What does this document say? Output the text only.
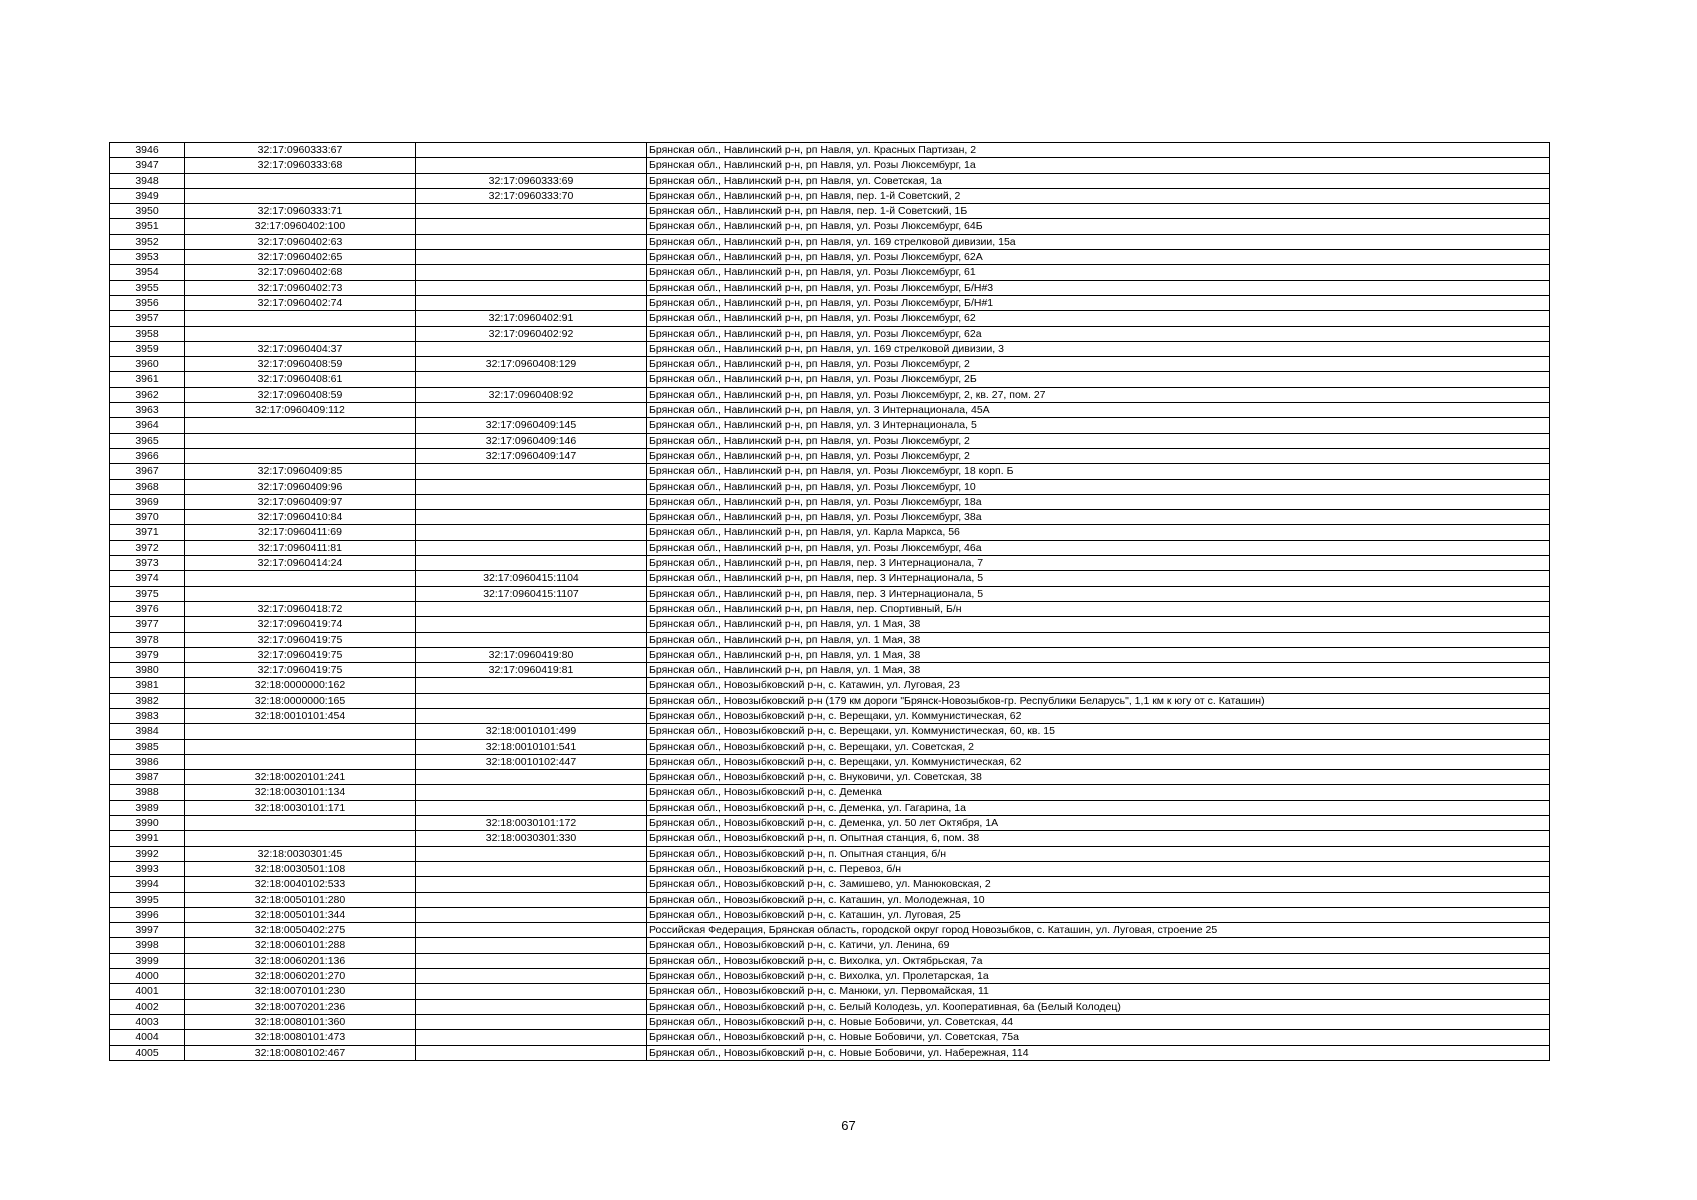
3946	32:17:0960333:67		Брянская обл., Навлинский р-н, рп Навля, ул. Красных Партизан, 2
3947	32:17:0960333:68		Брянская обл., Навлинский р-н, рп Навля, ул. Розы Люксембург, 1а
3948		32:17:0960333:69	Брянская обл., Навлинский р-н, рп Навля, ул. Советская, 1а
3949		32:17:0960333:70	Брянская обл., Навлинский р-н, рп Навля, пер. 1-й Советский, 2
3950	32:17:0960333:71		Брянская обл., Навлинский р-н, рп Навля, пер. 1-й Советский, 1Б
3951	32:17:0960402:100		Брянская обл., Навлинский р-н, рп Навля, ул. Розы Люксембург, 64Б
3952	32:17:0960402:63		Брянская обл., Навлинский р-н, рп Навля, ул. 169 стрелковой дивизии, 15а
3953	32:17:0960402:65		Брянская обл., Навлинский р-н, рп Навля, ул. Розы Люксембург, 62А
3954	32:17:0960402:68		Брянская обл., Навлинский р-н, рп Навля, ул. Розы Люксембург, 61
3955	32:17:0960402:73		Брянская обл., Навлинский р-н, рп Навля, ул. Розы Люксембург, Б/Н#3
3956	32:17:0960402:74		Брянская обл., Навлинский р-н, рп Навля, ул. Розы Люксембург, Б/Н#1
3957		32:17:0960402:91	Брянская обл., Навлинский р-н, рп Навля, ул. Розы Люксембург, 62
3958		32:17:0960402:92	Брянская обл., Навлинский р-н, рп Навля, ул. Розы Люксембург, 62а
3959	32:17:0960404:37		Брянская обл., Навлинский р-н, рп Навля, ул. 169 стрелковой дивизии, 3
3960	32:17:0960408:59	32:17:0960408:129	Брянская обл., Навлинский р-н, рп Навля, ул. Розы Люксембург, 2
3961	32:17:0960408:61		Брянская обл., Навлинский р-н, рп Навля, ул. Розы Люксембург, 2Б
3962	32:17:0960408:59	32:17:0960408:92	Брянская обл., Навлинский р-н, рп Навля, ул. Розы Люксембург, 2, кв. 27, пом. 27
3963	32:17:0960409:112		Брянская обл., Навлинский р-н, рп Навля, ул. 3 Интернационала, 45А
3964		32:17:0960409:145	Брянская обл., Навлинский р-н, рп Навля, ул. 3 Интернационала, 5
3965		32:17:0960409:146	Брянская обл., Навлинский р-н, рп Навля, ул. Розы Люксембург, 2
3966		32:17:0960409:147	Брянская обл., Навлинский р-н, рп Навля, ул. Розы Люксембург, 2
3967	32:17:0960409:85		Брянская обл., Навлинский р-н, рп Навля, ул. Розы Люксембург, 18 корп. Б
3968	32:17:0960409:96		Брянская обл., Навлинский р-н, рп Навля, ул. Розы Люксембург, 10
3969	32:17:0960409:97		Брянская обл., Навлинский р-н, рп Навля, ул. Розы Люксембург, 18а
3970	32:17:0960410:84		Брянская обл., Навлинский р-н, рп Навля, ул. Розы Люксембург, 38а
3971	32:17:0960411:69		Брянская обл., Навлинский р-н, рп Навля, ул. Карла Маркса, 56
3972	32:17:0960411:81		Брянская обл., Навлинский р-н, рп Навля, ул. Розы Люксембург, 46а
3973	32:17:0960414:24		Брянская обл., Навлинский р-н, рп Навля, пер. 3 Интернационала, 7
3974		32:17:0960415:1104	Брянская обл., Навлинский р-н, рп Навля, пер. 3 Интернационала, 5
3975		32:17:0960415:1107	Брянская обл., Навлинский р-н, рп Навля, пер. 3 Интернационала, 5
3976	32:17:0960418:72		Брянская обл., Навлинский р-н, рп Навля, пер. Спортивный, Б/н
3977	32:17:0960419:74		Брянская обл., Навлинский р-н, рп Навля, ул. 1 Мая, 38
3978	32:17:0960419:75		Брянская обл., Навлинский р-н, рп Навля, ул. 1 Мая, 38
3979	32:17:0960419:75	32:17:0960419:80	Брянская обл., Навлинский р-н, рп Навля, ул. 1 Мая, 38
3980	32:17:0960419:75	32:17:0960419:81	Брянская обл., Навлинский р-н, рп Навля, ул. 1 Мая, 38
3981	32:18:0000000:162		Брянская обл., Новозыбковский р-н, с. Катаwин, ул. Луговая, 23
3982	32:18:0000000:165		Брянская обл., Новозыбковский р-н (179 км дороги "Брянск-Новозыбков-гр. Республики Беларусь", 1,1 км к югу от с. Каташин)
3983	32:18:0010101:454		Брянская обл., Новозыбковский р-н, с. Верещаки, ул. Коммунистическая, 62
3984		32:18:0010101:499	Брянская обл., Новозыбковский р-н, с. Верещаки, ул. Коммунистическая, 60, кв. 15
3985		32:18:0010101:541	Брянская обл., Новозыбковский р-н, с. Верещаки, ул. Советская, 2
3986		32:18:0010102:447	Брянская обл., Новозыбковский р-н, с. Верещаки, ул. Коммунистическая, 62
3987	32:18:0020101:241		Брянская обл., Новозыбковский р-н, с. Внуковичи, ул. Советская, 38
3988	32:18:0030101:134		Брянская обл., Новозыбковский р-н, с. Деменка
3989	32:18:0030101:171		Брянская обл., Новозыбковский р-н, с. Деменка, ул. Гагарина, 1а
3990		32:18:0030101:172	Брянская обл., Новозыбковский р-н, с. Деменка, ул. 50 лет Октября, 1А
3991		32:18:0030301:330	Брянская обл., Новозыбковский р-н, п. Опытная станция, 6, пом. 38
3992	32:18:0030301:45		Брянская обл., Новозыбковский р-н, п. Опытная станция, б/н
3993	32:18:0030501:108		Брянская обл., Новозыбковский р-н, с. Перевоз, б/н
3994	32:18:0040102:533		Брянская обл., Новозыбковский р-н, с. Замишево, ул. Манюковская, 2
3995	32:18:0050101:280		Брянская обл., Новозыбковский р-н, с. Каташин, ул. Молодежная, 10
3996	32:18:0050101:344		Брянская обл., Новозыбковский р-н, с. Каташин, ул. Луговая, 25
3997	32:18:0050402:275		Российская Федерация, Брянская область, городской округ город Новозыбков, с. Каташин, ул. Луговая, строение 25
3998	32:18:0060101:288		Брянская обл., Новозыбковский р-н, с. Катичи, ул. Ленина, 69
3999	32:18:0060201:136		Брянская обл., Новозыбковский р-н, с. Вихолка, ул. Октябрьская, 7а
4000	32:18:0060201:270		Брянская обл., Новозыбковский р-н, с. Вихолка, ул. Пролетарская, 1а
4001	32:18:0070101:230		Брянская обл., Новозыбковский р-н, с. Манюки, ул. Первомайская, 11
4002	32:18:0070201:236		Брянская обл., Новозыбковский р-н, с. Белый Колодезь, ул. Кооперативная, 6а (Белый Колодец)
4003	32:18:0080101:360		Брянская обл., Новозыбковский р-н, с. Новые Бобовичи, ул. Советская, 44
4004	32:18:0080101:473		Брянская обл., Новозыбковский р-н, с. Новые Бобовичи, ул. Советская, 75а
4005	32:18:0080102:467		Брянская обл., Новозыбковский р-н, с. Новые Бобовичи, ул. Набережная, 114
67
